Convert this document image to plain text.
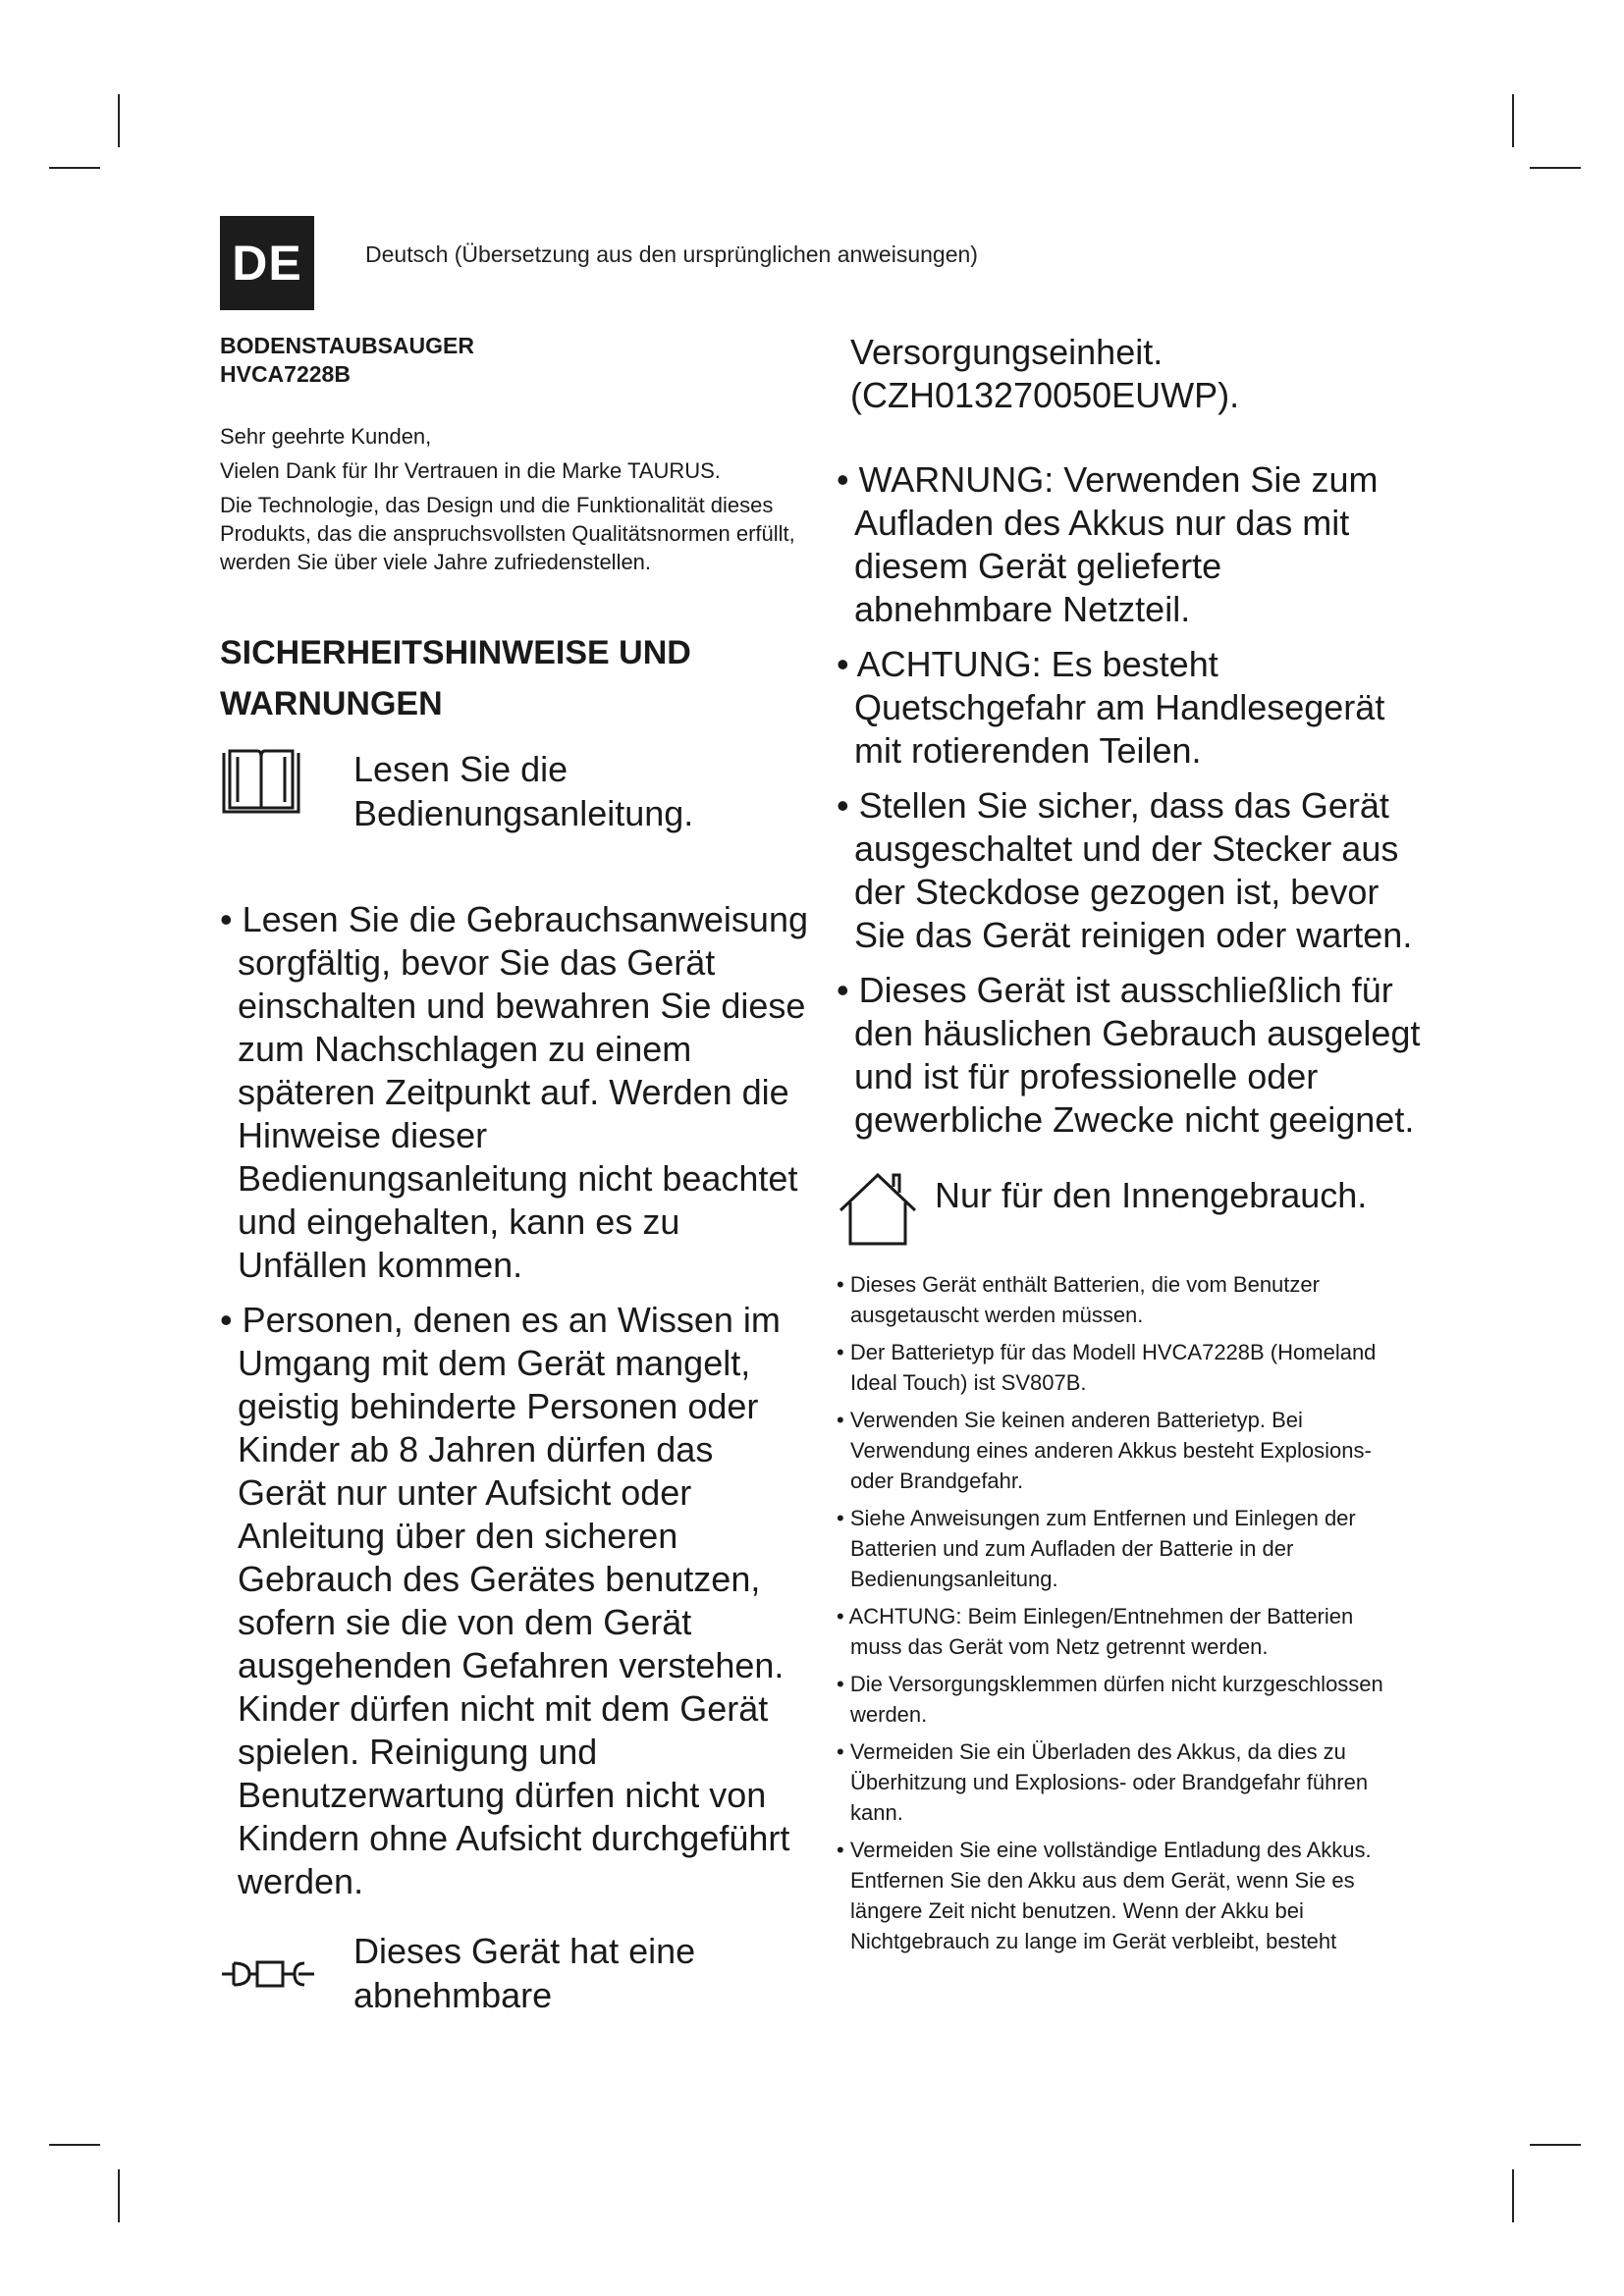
DE	Deutsch (Übersetzung aus den ursprünglichen anweisungen)
BODENSTAUBSAUGER
HVCA7228B
Sehr geehrte Kunden,
Vielen Dank für Ihr Vertrauen in die Marke TAURUS.
Die Technologie, das Design und die Funktionalität dieses Produkts, das die anspruchsvollsten Qualitätsnormen erfüllt, werden Sie über viele Jahre zufriedenstellen.
SICHERHEITSHINWEISE UND WARNUNGEN
Lesen Sie die Bedienungsanleitung.
• Lesen Sie die Gebrauchsanweisung sorgfältig, bevor Sie das Gerät einschalten und bewahren Sie diese zum Nachschlagen zu einem späteren Zeitpunkt auf. Werden die Hinweise dieser Bedienungsanleitung nicht beachtet und eingehalten, kann es zu Unfällen kommen.
• Personen, denen es an Wissen im Umgang mit dem Gerät mangelt, geistig behinderte Personen oder Kinder ab 8 Jahren dürfen das Gerät nur unter Aufsicht oder Anleitung über den sicheren Gebrauch des Gerätes benutzen, sofern sie die von dem Gerät ausgehenden Gefahren verstehen. Kinder dürfen nicht mit dem Gerät spielen. Reinigung und Benutzerwartung dürfen nicht von Kindern ohne Aufsicht durchgeführt werden.
Dieses Gerät hat eine abnehmbare
Versorgungseinheit. (CZH013270050EUWP).
• WARNUNG: Verwenden Sie zum Aufladen des Akkus nur das mit diesem Gerät gelieferte abnehmbare Netzteil.
• ACHTUNG: Es besteht Quetschgefahr am Handlesegerät mit rotierenden Teilen.
• Stellen Sie sicher, dass das Gerät ausgeschaltet und der Stecker aus der Steckdose gezogen ist, bevor Sie das Gerät reinigen oder warten.
• Dieses Gerät ist ausschließlich für den häuslichen Gebrauch ausgelegt und ist für professionelle oder gewerbliche Zwecke nicht geeignet.
Nur für den Innengebrauch.
• Dieses Gerät enthält Batterien, die vom Benutzer ausgetauscht werden müssen.
• Der Batterietyp für das Modell HVCA7228B (Homeland Ideal Touch) ist SV807B.
• Verwenden Sie keinen anderen Batterietyp. Bei Verwendung eines anderen Akkus besteht Explosions- oder Brandgefahr.
• Siehe Anweisungen zum Entfernen und Einlegen der Batterien und zum Aufladen der Batterie in der Bedienungsanleitung.
• ACHTUNG: Beim Einlegen/Entnehmen der Batterien muss das Gerät vom Netz getrennt werden.
• Die Versorgungsklemmen dürfen nicht kurzgeschlossen werden.
• Vermeiden Sie ein Überladen des Akkus, da dies zu Überhitzung und Explosions- oder Brandgefahr führen kann.
• Vermeiden Sie eine vollständige Entladung des Akkus. Entfernen Sie den Akku aus dem Gerät, wenn Sie es längere Zeit nicht benutzen. Wenn der Akku bei Nichtgebrauch zu lange im Gerät verbleibt, besteht
